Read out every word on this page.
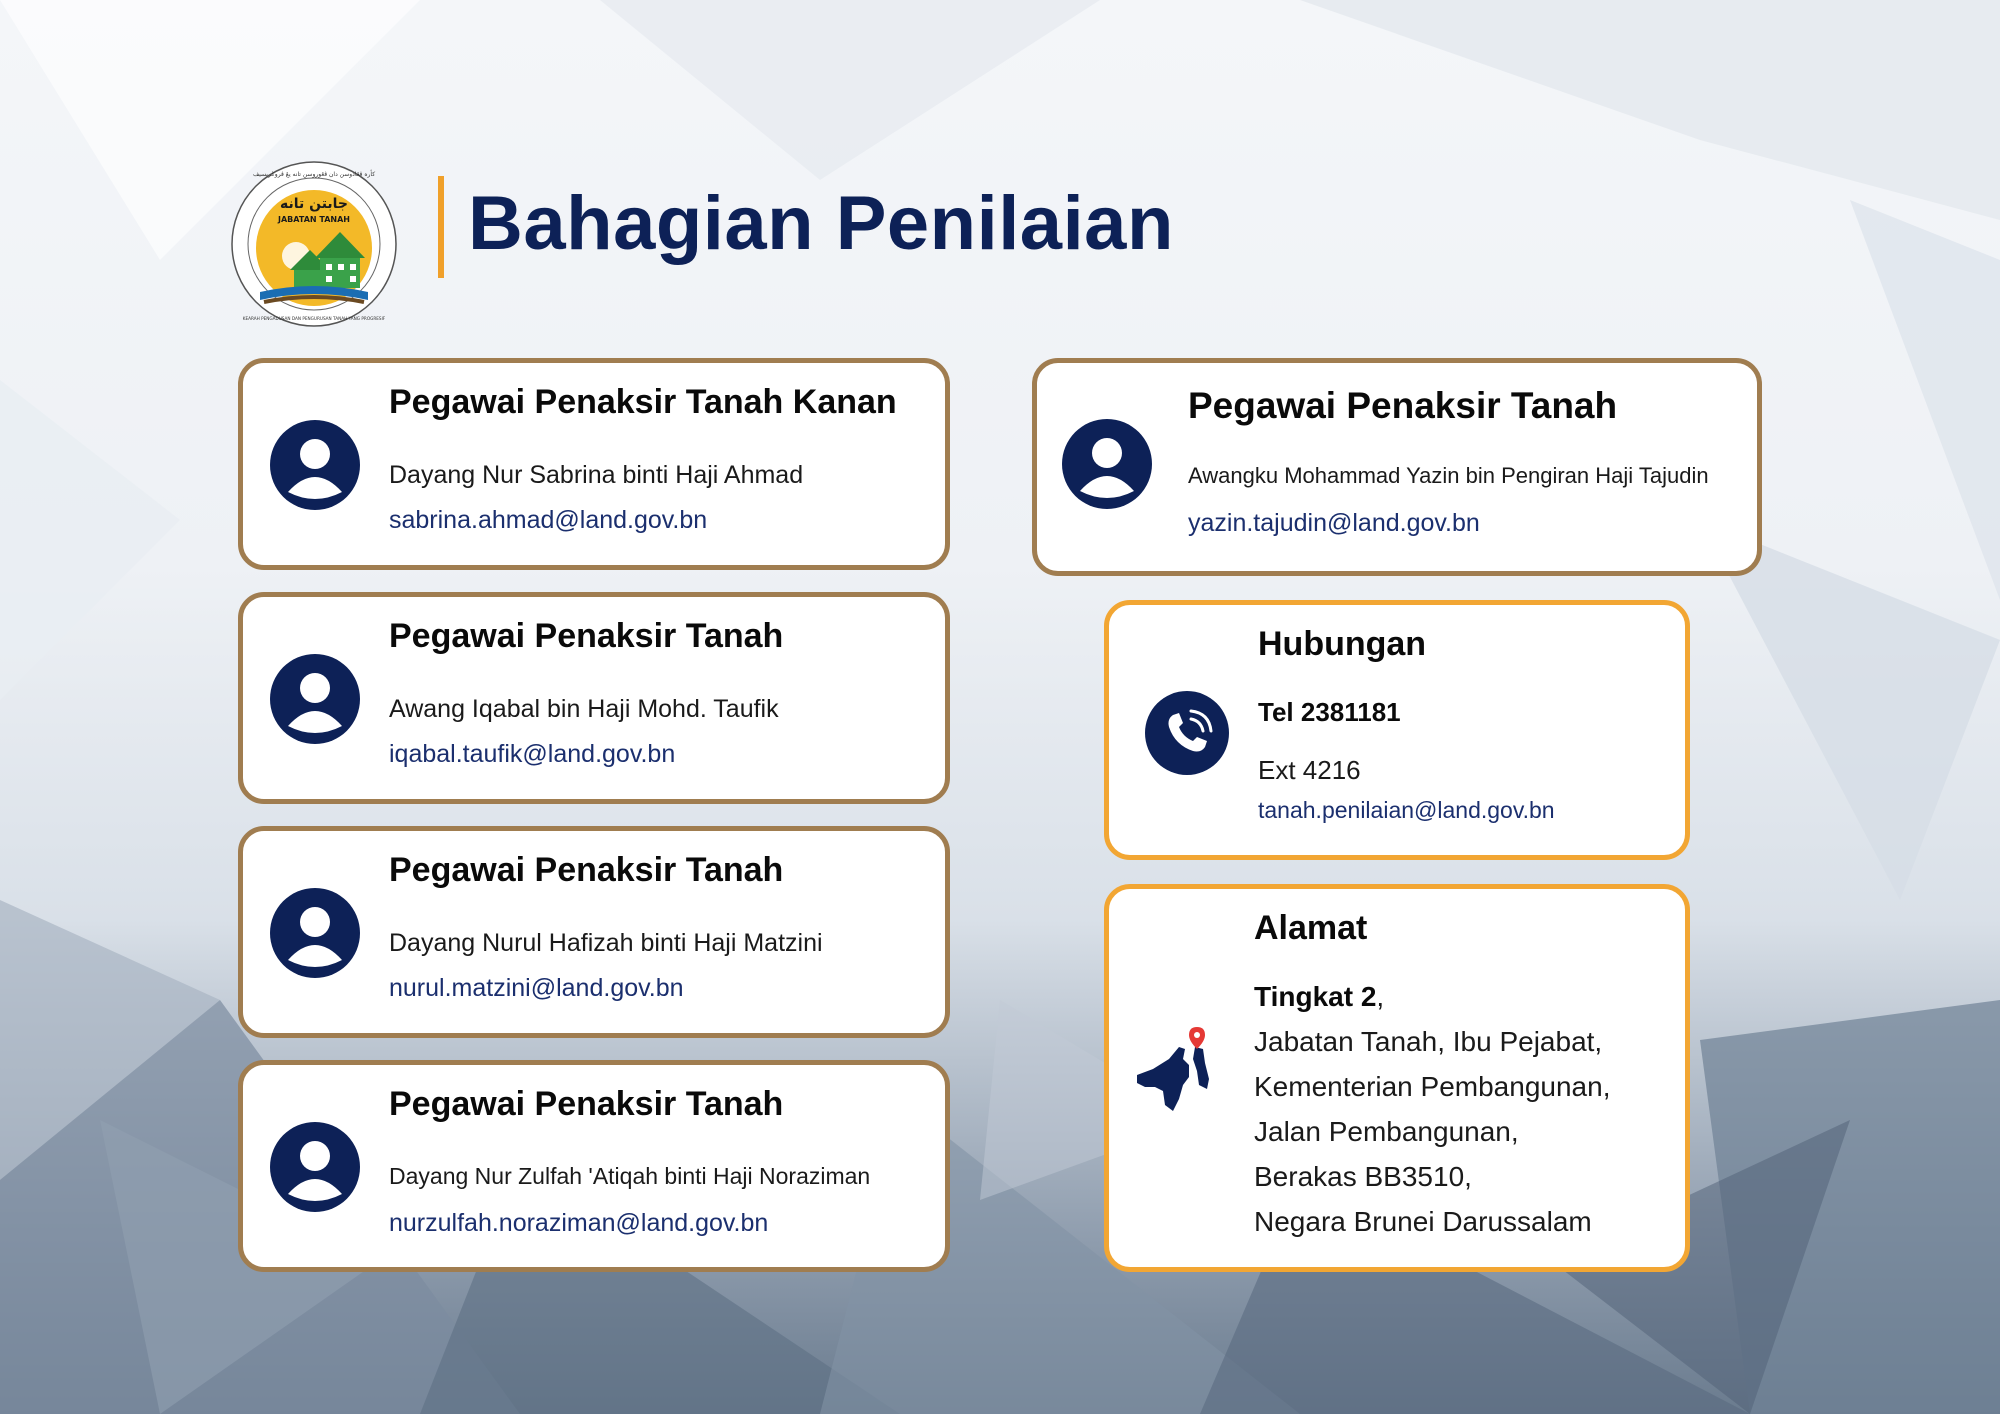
جابتن تانه
JABATAN TANAH
كأره ڤڠادوسن دان ڤڠوروسن تانه يڠ ڤروݢريسيف
KEARAH PENGADUSAN DAN PENGURUSAN TANAH YANG PROGRESIF
Bahagian Penilaian
Pegawai Penaksir Tanah Kanan
Dayang Nur Sabrina binti Haji Ahmad
sabrina.ahmad@land.gov.bn
Pegawai Penaksir Tanah
Awang Iqabal bin Haji Mohd. Taufik
iqabal.taufik@land.gov.bn
Pegawai Penaksir Tanah
Dayang Nurul Hafizah binti Haji Matzini
nurul.matzini@land.gov.bn
Pegawai Penaksir Tanah
Dayang Nur Zulfah 'Atiqah binti Haji Noraziman
nurzulfah.noraziman@land.gov.bn
Pegawai Penaksir Tanah
Awangku Mohammad Yazin bin Pengiran Haji Tajudin
yazin.tajudin@land.gov.bn
Hubungan
Tel 2381181
Ext 4216
tanah.penilaian@land.gov.bn
Alamat
Tingkat 2,
Jabatan Tanah, Ibu Pejabat,
Kementerian Pembangunan,
Jalan Pembangunan,
Berakas BB3510,
Negara Brunei Darussalam
